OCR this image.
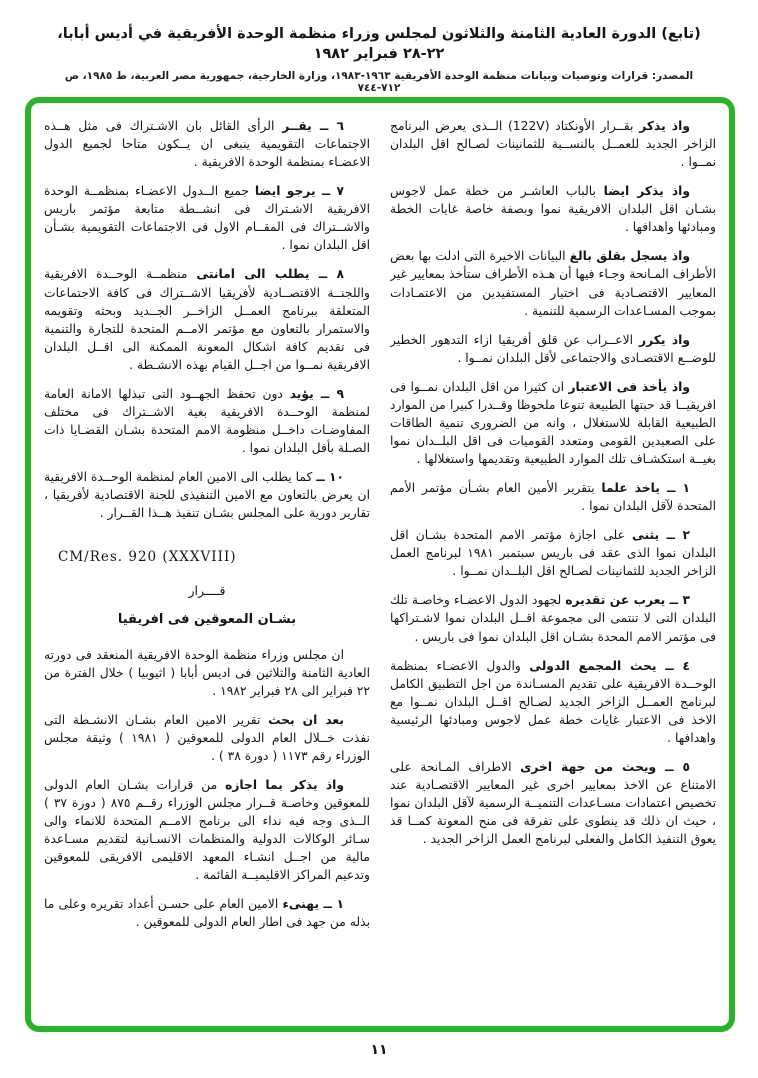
(تابع) الدورة العادية الثامنة والثلاثون لمجلس وزراء منظمة الوحدة الأفريقية في أديس أبابا، ٢٢-٢٨ فبراير ١٩٨٢
المصدر: قرارات وتوصيات وبيانات منظمة الوحدة الأفريقية ١٩٦٣-١٩٨٣، وزارة الخارجية، جمهورية مصر العربية، ط ١٩٨٥، ص ٧١٢-٧٤٤

واذ يذكر بقــرار الأونكتاد (122V) الــذى يعرض البرنامج الزاخر الجديد للعمــل بالنســبة للثمانينات لصـالح اقل البلدان نمــوا .

واذ يذكر ايضا بالباب العاشـر من خطة عمل لاجوس بشـان اقل البلدان الافريقية نموا وبصفة خاصة غايات الخطة ومبادئها واهدافها .

واذ يسجل بقلق بالغ البيانات الاخيرة التى ادلت بها بعض الأطراف المـانحة وجـاء فيها أن هـذه الأطراف ستأخذ بمعايير غير المعايير الاقتصـادية فى اختيار المستفيدين من الاعتمـادات بموجب المسـاعدات الرسمية للتنمية .

واذ يكرر الاعــراب عن قلق أفريقيا ازاء التدهور الخطير للوضــع الاقتصـادى والاجتماعى لأقل البلدان نمــوا .

واذ يأخذ فى الاعتبار ان كثيرا من اقل البلدان نمــوا فى افريقيــا قد حبتها الطبيعة تنوعا ملحوظا وقــدرا كبيرا من الموارد الطبيعية القابلة للاستغلال ، وانه من الضرورى تنمية الطاقات على الصعيدين القومى ومتعدد القوميات فى اقل البلــدان نموا بغيــة استكشـاف تلك الموارد الطبيعية وتقديمها واستغلالها .

١ ــ ياخذ علما بتقرير الأمين العام بشـأن مؤتمر الأمم المتحدة لآقل البلدان نموا .

٢ ــ يثنى على اجازة مؤتمر الامم المتحدة بشـان اقل البلدان نموا الذى عقد فى باريس سبتمبر ١٩٨١ لبرنامج العمل الزاخر الجديد للثمانينات لصـالح اقل البلــدان نمــوا .

٣ ــ يعرب عن تقديره لجهود الدول الاعضـاء وخاصـة تلك البلدان التى لا تنتمى الى مجموعة اقــل البلدان نموا لاشـتراكها فى مؤتمر الامم المحدة بشـان اقل البلدان نموا فى باريس .

٤ ــ يحث المجمع الدولى والدول الاعضـاء بمنظمة الوحــدة الافريقية على تقديم المسـاندة من اجل التطبيق الكامل لبرنامج العمــل الزاخر الجديد لصـالح اقــل البلدان نمــوا مع الاخذ فى الاعتبار غايات خطة عمل لاجوس ومبادئها الرئيسية واهدافها .

٥ ــ ويحث من جهة اخرى الاطراف المـانحة على الامتناع عن الاخذ بمعايير اخرى غير المعايير الاقتصـادية عند تخصيص اعتمادات مسـاعدات التنميــة الرسمية لآقل البلدان نموا ، حيث ان ذلك قد ينطوى على تفرقة فى منح المعونة كمــا قد يعوق التنفيذ الكامل والفعلى لبرنامج العمل الزاخر الجديد .

٦ ــ يقــر الرأى القائل بان الاشـتراك فى مثل هــذه الاجتماعات التقويمية ينبغى ان يــكون متاحا لجميع الدول الاعضـاء بمنظمة الوحدة الافريقية .

٧ ــ يرجو ايضا جميع الــدول الاعضـاء بمنظمــة الوحدة الافريقية الاشـتراك فى انشــطة متابعة مؤتمر باريس والاشــتراك فى المقــام الاول فى الاجتماعات التقويمية بشـأن اقل البلدان نموا .

٨ ــ يطلب الى امانتى منظمــة الوحــدة الافريقية واللجنــة الاقتصــادية لأفريقيا الاشــتراك فى كافة الاجتماعات المتعلقة ببرنامج العمــل الزاخــر الجــديد وبحثه وتقويمه والاستمرار بالتعاون مع مؤتمر الامــم المتحدة للتجارة والتنمية فى تقديم كافة اشكال المعونة الممكنة الى اقــل البلدان الافريقية نمــوا من اجــل القيام بهذه الانشـطة .

٩ ــ يؤيد دون تحفظ الجهــود التى تبذلها الامانة العامة لمنظمة الوحــدة الافريقية بغية الاشــتراك فى مختلف المفاوضـات داخــل منظومة الامم المتحدة بشـان القضـايا ذات الصـلة بأقل البلدان نموا .

١٠ ــ كما يطلب الى الامين العام لمنظمة الوحــدة الافريقية ان يعرض بالتعاون مع الامين التنفيذى للجنة الاقتصادية لأفريقيا ، تقارير دورية على المجلس بشـان تنفيذ هــذا القــرار .

CM/Res. 920 (XXXVIII)

قــــرار

بشـان المعوقين فى افريقيا

ان مجلس وزراء منظمة الوحدة الافريقية المنعقد فى دورته العادية الثامنة والثلاثين فى اديس أبابا ( اثيوبيا ) خلال الفترة من ٢٢ فبراير الى ٢٨ فبراير ١٩٨٢ .

بعد ان بحث تقرير الامين العام بشـان الانشـطة التى نفذت خــلال العام الدولى للمعوقين ( ١٩٨١ ) وثيقة مجلس الوزراء رقم ١١٧٣ ( دورة ٣٨ ) .

واذ يذكر بما اجازه من قرارات بشـان العام الدولى للمعوقين وخاصـة قــرار مجلس الوزراء رقــم ٨٧٥ ( دورة ٣٧ ) الــذى وجه فيه نداء الى برنامج الامــم المتحدة للانماء والى سـائر الوكالات الدولية والمنظمات الانسـانية لتقديم مسـاعدة مالية من اجــل انشـاء المعهد الاقليمى الافريقى للمعوقين وتدعيم المراكز الاقليميــة القائمة .

١ ــ يهنىء الامين العام على حسـن أعداد تقريره وعلى ما بذله من جهد فى اطار العام الدولى للمعوقين .

١١
